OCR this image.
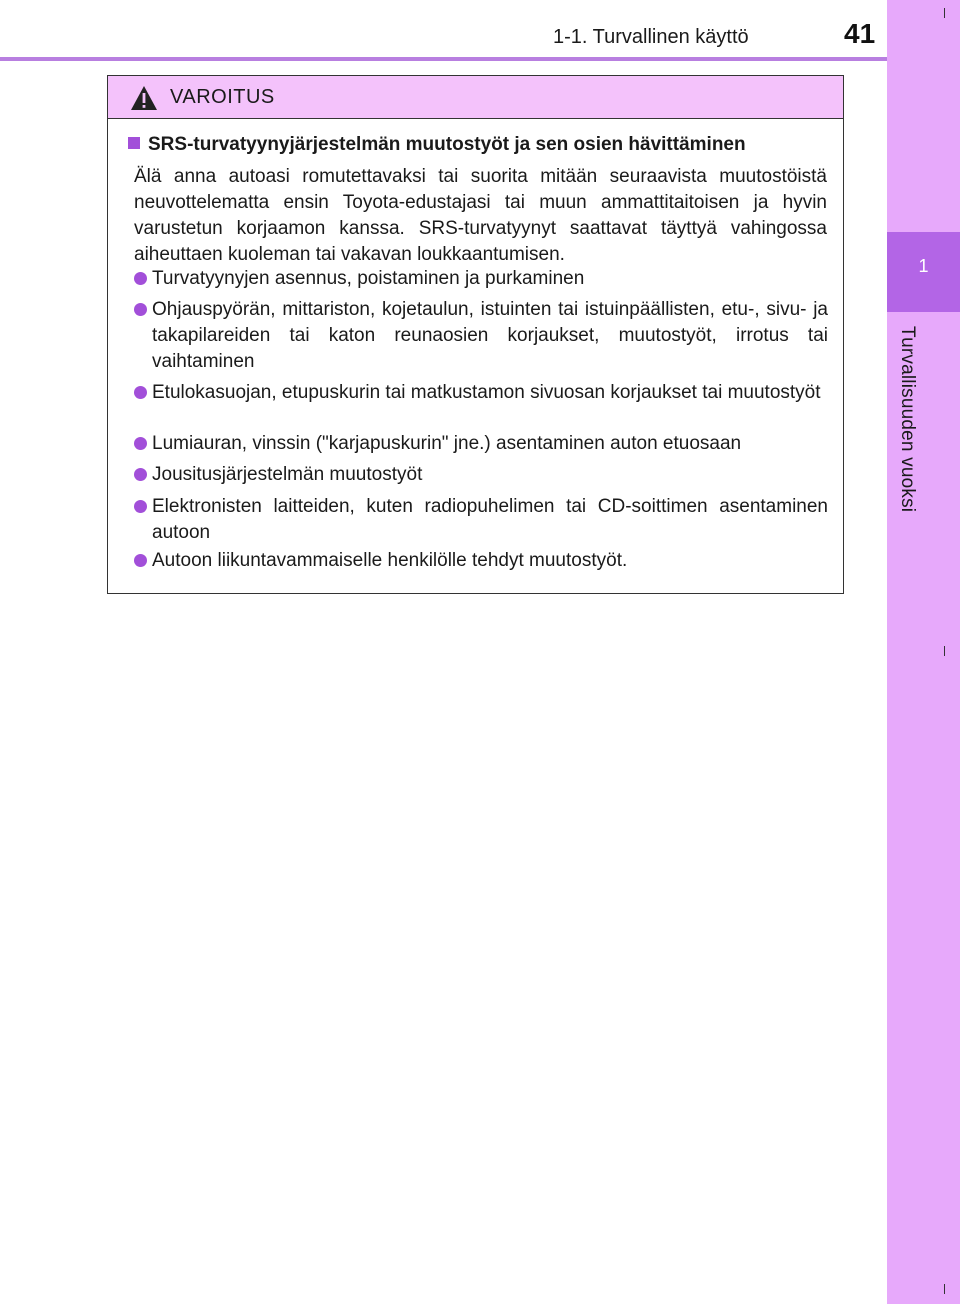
1-1. Turvallinen käyttö	41
1
Turvallisuuden vuoksi
VAROITUS
SRS-turvatyynyjärjestelmän muutostyöt ja sen osien hävittäminen
Älä anna autoasi romutettavaksi tai suorita mitään seuraavista muutostöistä neuvottelematta ensin Toyota-edustajasi tai muun ammattitaitoisen ja hyvin varustetun korjaamon kanssa. SRS-turvatyynyt saattavat täyttyä vahingossa aiheuttaen kuoleman tai vakavan loukkaantumisen.
Turvatyynyjen asennus, poistaminen ja purkaminen
Ohjauspyörän, mittariston, kojetaulun, istuinten tai istuinpäällisten, etu-, sivu- ja takapilareiden tai katon reunaosien korjaukset, muutostyöt, irrotus tai vaihtaminen
Etulokasuojan, etupuskurin tai matkustamon sivuosan korjaukset tai muutostyöt
Lumiauran, vinssin ("karjapuskurin" jne.) asentaminen auton etuosaan
Jousitusjärjestelmän muutostyöt
Elektronisten laitteiden, kuten radiopuhelimen tai CD-soittimen asentaminen autoon
Autoon liikuntavammaiselle henkilölle tehdyt muutostyöt.
